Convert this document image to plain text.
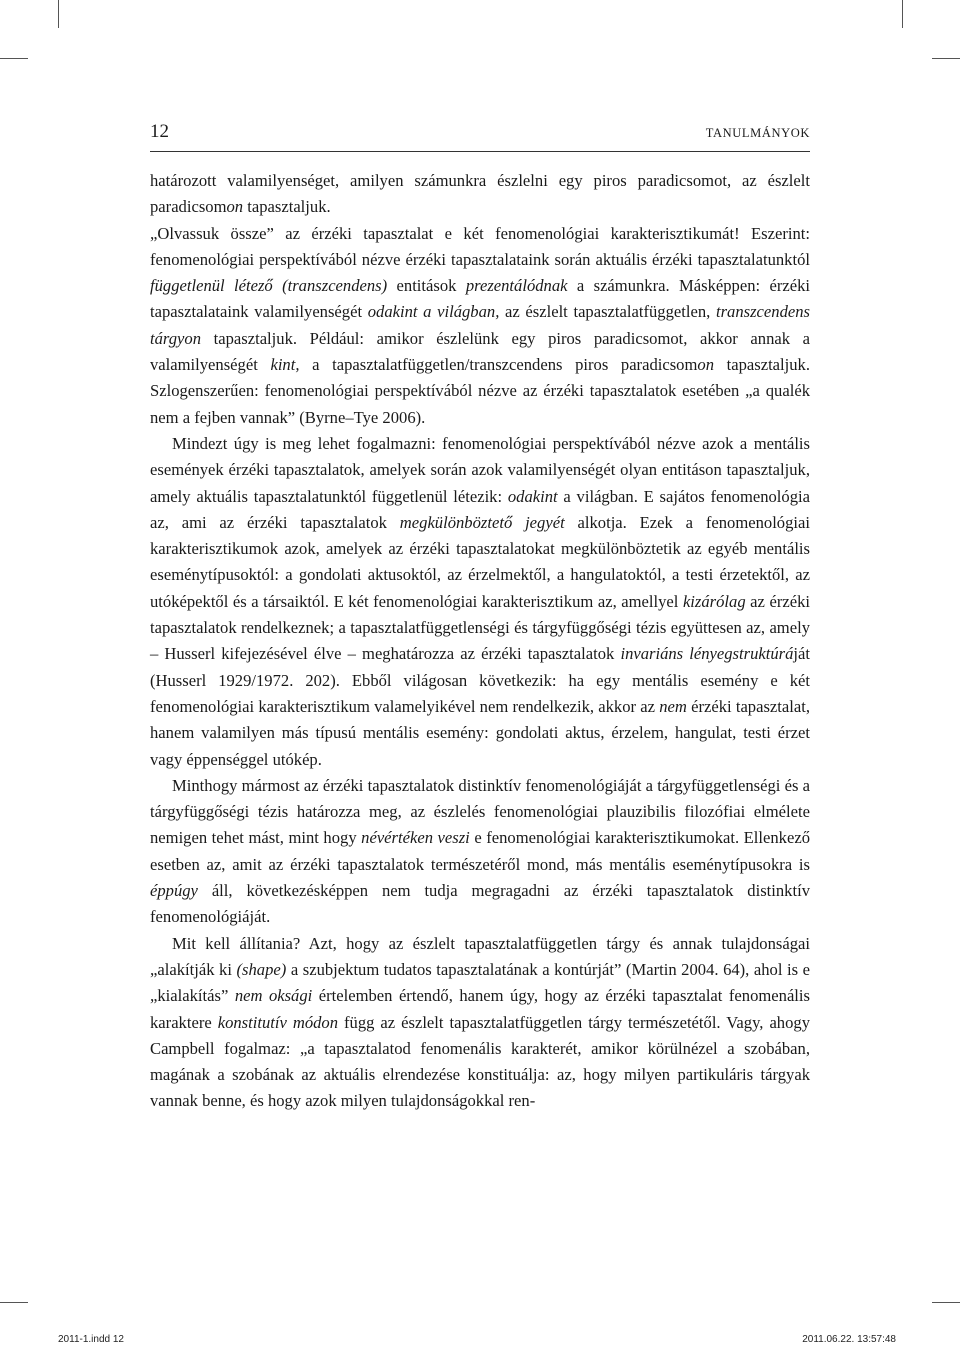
12	TANULMÁNYOK

határozott valamilyenséget, amilyen számunkra észlelni egy piros paradicsomot, az észlelt paradicsomon tapasztaljuk.

„Olvassuk össze” az érzéki tapasztalat e két fenomenológiai karakterisztikumát! Eszerint: fenomenológiai perspektívából nézve érzéki tapasztalataink során aktuális érzéki tapasztalatunktól függetlenül létező (transzcendens) entitások prezentálódnak a számunkra. Másképpen: érzéki tapasztalataink valamilyenségét odakint a világban, az észlelt tapasztalatfüggetlen, transzcendens tárgyon tapasztaljuk. Például: amikor észlelünk egy piros paradicsomot, akkor annak a valamilyenségét kint, a tapasztalatfüggetlen/transzcendens piros paradicsomon tapasztaljuk. Szlogenszerűen: fenomenológiai perspektívából nézve az érzéki tapasztalatok esetében „a qualék nem a fejben vannak” (Byrne–Tye 2006).

Mindezt úgy is meg lehet fogalmazni: fenomenológiai perspektívából nézve azok a mentális események érzéki tapasztalatok, amelyek során azok valamilyenségét olyan entitáson tapasztaljuk, amely aktuális tapasztalatunktól függetlenül létezik: odakint a világban. E sajátos fenomenológia az, ami az érzéki tapasztalatok megkülönböztető jegyét alkotja. Ezek a fenomenológiai karakterisztikumok azok, amelyek az érzéki tapasztalatokat megkülönböztetik az egyéb mentális eseménytípusoktól: a gondolati aktusoktól, az érzelmektől, a hangulatoktól, a testi érzetektől, az utóképektől és a társaiktól. E két fenomenológiai karakterisztikum az, amellyel kizárólag az érzéki tapasztalatok rendelkeznek; a tapasztalatfüggetlenségi és tárgyfüggőségi tézis együttesen az, amely – Husserl kifejezésével élve – meghatározza az érzéki tapasztalatok invariáns lényegstruktúráját (Husserl 1929/1972. 202). Ebből világosan következik: ha egy mentális esemény e két fenomenológiai karakterisztikum valamelyikével nem rendelkezik, akkor az nem érzéki tapasztalat, hanem valamilyen más típusú mentális esemény: gondolati aktus, érzelem, hangulat, testi érzet vagy éppenséggel utókép.

Minthogy mármost az érzéki tapasztalatok distinktív fenomenológiáját a tárgyfüggetlenségi és a tárgyfüggőségi tézis határozza meg, az észlelés fenomenológiai plauzibilis filozófiai elmélete nemigen tehet mást, mint hogy névértéken veszi e fenomenológiai karakterisztikumokat. Ellenkező esetben az, amit az érzéki tapasztalatok természetéről mond, más mentális eseménytípusokra is éppúgy áll, következésképpen nem tudja megragadni az érzéki tapasztalatok distinktív fenomenológiáját.

Mit kell állítania? Azt, hogy az észlelt tapasztalatfüggetlen tárgy és annak tulajdonságai „alakítják ki (shape) a szubjektum tudatos tapasztalatának a kontúrját” (Martin 2004. 64), ahol is e „kialakítás” nem oksági értelemben értendő, hanem úgy, hogy az érzéki tapasztalat fenomenális karaktere konstitutív módon függ az észlelt tapasztalatfüggetlen tárgy természetétől. Vagy, ahogy Campbell fogalmaz: „a tapasztalatod fenomenális karakterét, amikor körülnézel a szobában, magának a szobának az aktuális elrendezése konstituálja: az, hogy milyen partikuláris tárgyak vannak benne, és hogy azok milyen tulajdonságokkal ren-

2011-1.indd 12	2011.06.22. 13:57:48
